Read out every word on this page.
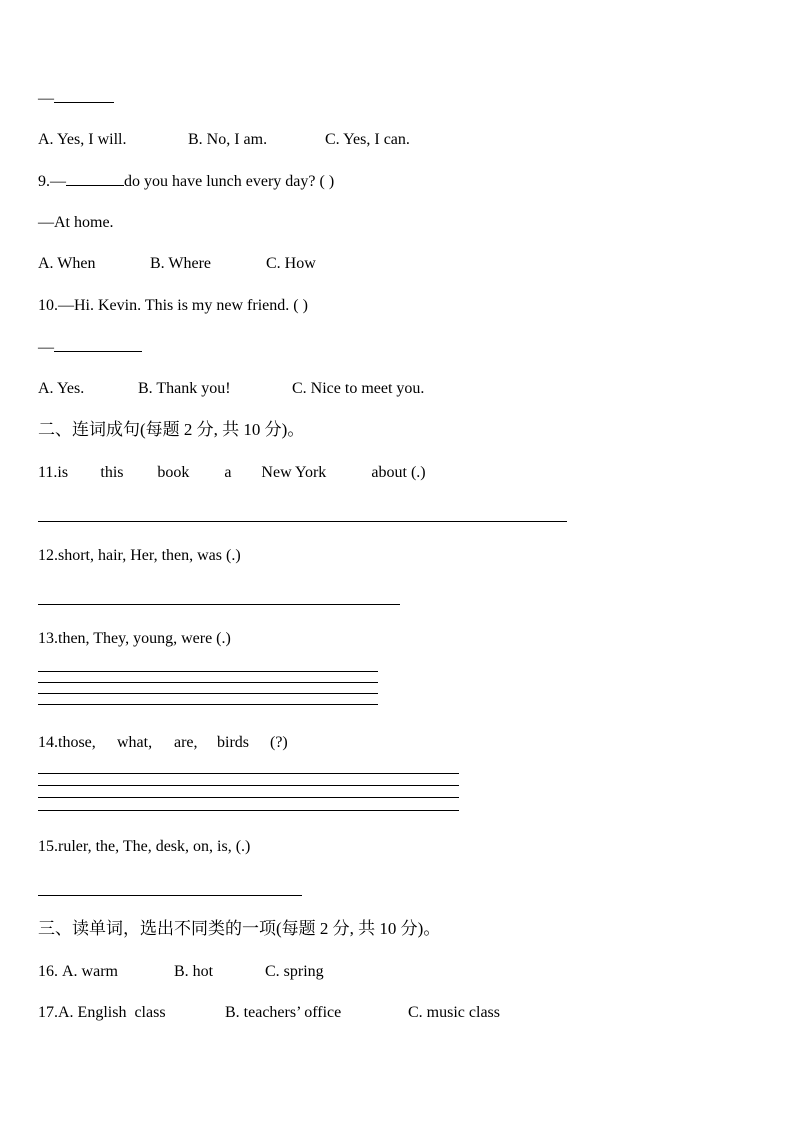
—
A. Yes, I will.	B. No, I am.	C. Yes, I can.
9.—	do you have lunch every day? ( )
—At home.
A. When	B. Where	C. How
10.—Hi. Kevin. This is my new friend. ( )
—
A. Yes.	B. Thank you!	C. Nice to meet you.
二、连词成句(每题 2 分, 共 10 分)。
11.is this book a New York	about (.)
12.short, hair, Her, then, was (.)
13.then, They, young, were (.)
14.those, what, are, birds (?)
15.ruler, the, The, desk, on, is, (.)
三、读单词，选出不同类的一项(每题 2 分, 共 10 分)。
16. A. warm	B. hot	C. spring
17.A. English  class	B. teachers’ office	C. music class
